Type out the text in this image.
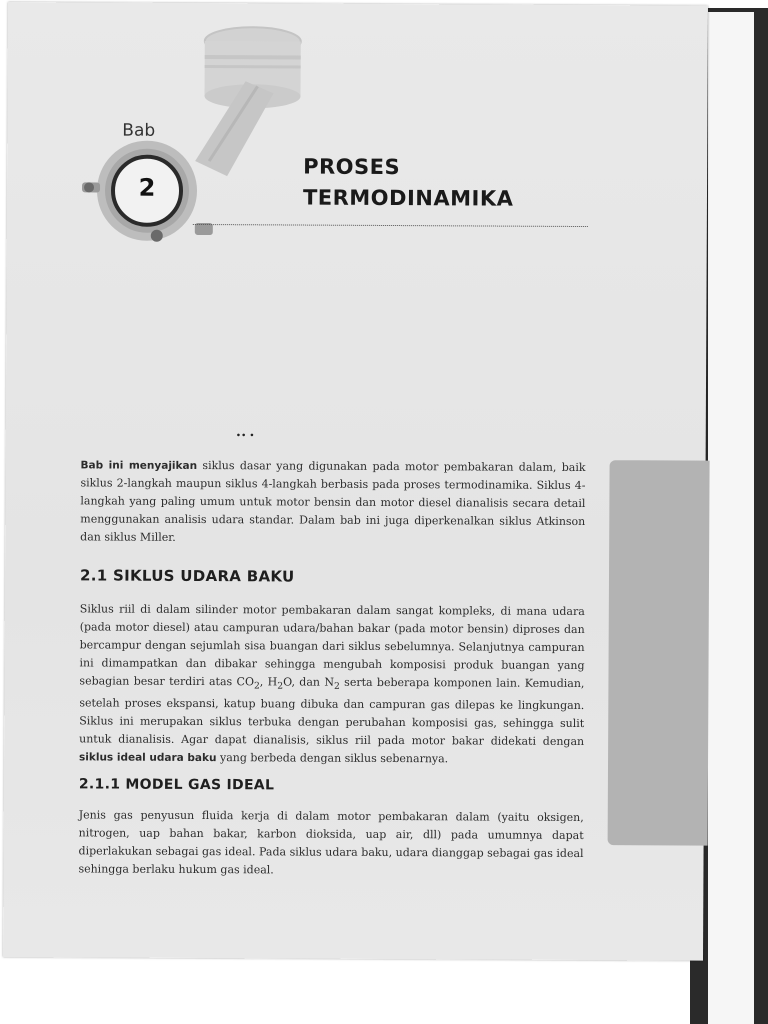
Bab
2
PROSES
TERMODINAMIKA
•• •

Bab ini menyajikan siklus dasar yang digunakan pada motor pembakaran dalam, baik siklus 2-langkah maupun siklus 4-langkah berbasis pada proses termodinamika. Siklus 4-langkah yang paling umum untuk motor bensin dan motor diesel dianalisis secara detail menggunakan analisis udara standar. Dalam bab ini juga diperkenalkan siklus Atkinson dan siklus Miller.

2.1 SIKLUS UDARA BAKU

Siklus riil di dalam silinder motor pembakaran dalam sangat kompleks, di mana udara (pada motor diesel) atau campuran udara/bahan bakar (pada motor bensin) diproses dan bercampur dengan sejumlah sisa buangan dari siklus sebelumnya. Selanjutnya campuran ini dimampatkan dan dibakar sehingga mengubah komposisi produk buangan yang sebagian besar terdiri atas $CO_2$, $H_2O$, dan $N_2$ serta beberapa komponen lain. Kemudian, setelah proses ekspansi, katup buang dibuka dan campuran gas dilepas ke lingkungan. Siklus ini merupakan siklus terbuka dengan perubahan komposisi gas, sehingga sulit untuk dianalisis. Agar dapat dianalisis, siklus riil pada motor bakar didekati dengan siklus ideal udara baku yang berbeda dengan siklus sebenarnya.

2.1.1 MODEL GAS IDEAL

Jenis gas penyusun fluida kerja di dalam motor pembakaran dalam (yaitu oksigen, nitrogen, uap bahan bakar, karbon dioksida, uap air, dll) pada umumnya dapat diperlakukan sebagai gas ideal. Pada siklus udara baku, udara dianggap sebagai gas ideal sehingga berlaku hukum gas ideal.
